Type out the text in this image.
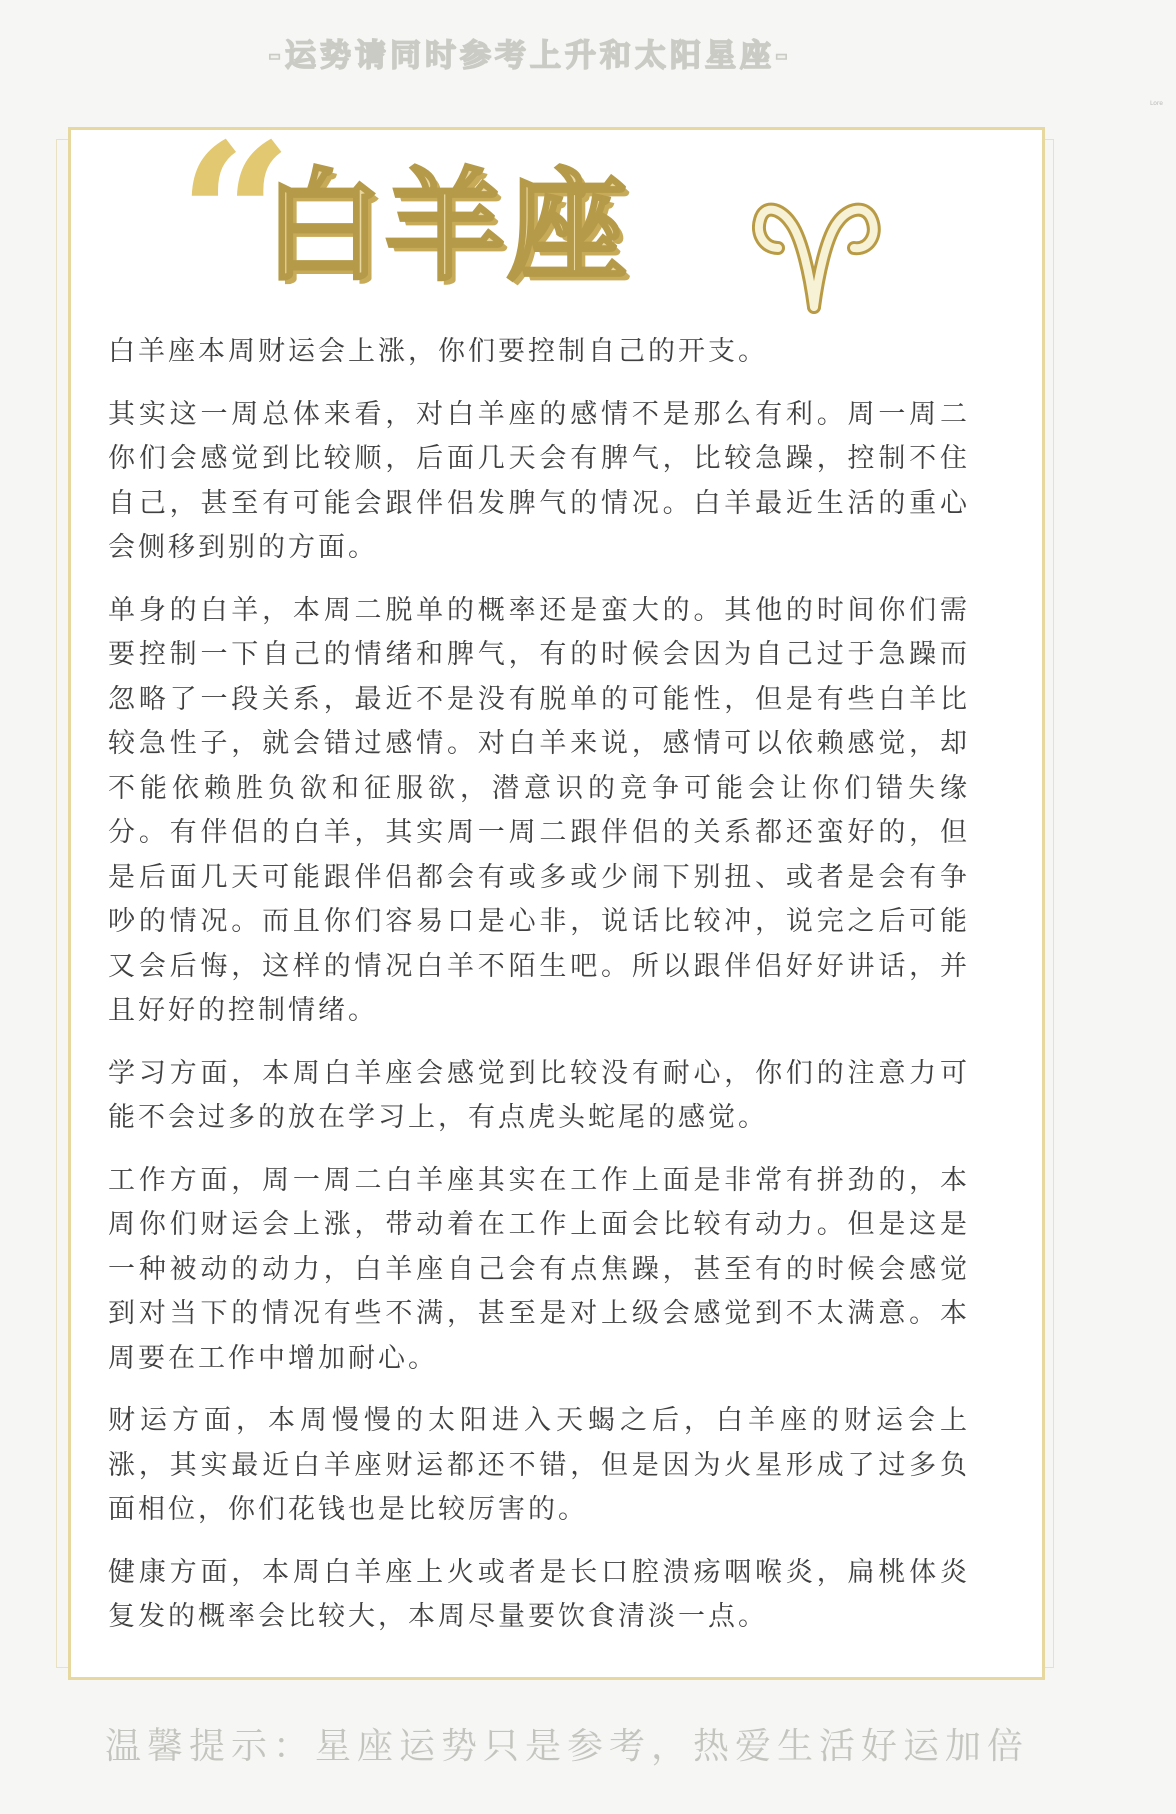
-运势请同时参考上升和太阳星座-
Lore
“
白羊座

白羊座本周财运会上涨，你们要控制自己的开支。

其实这一周总体来看，对白羊座的感情不是那么有利。周一周二你们会感觉到比较顺，后面几天会有脾气，比较急躁，控制不住自己，甚至有可能会跟伴侣发脾气的情况。白羊最近生活的重心会侧移到别的方面。

单身的白羊，本周二脱单的概率还是蛮大的。其他的时间你们需要控制一下自己的情绪和脾气，有的时候会因为自己过于急躁而忽略了一段关系，最近不是没有脱单的可能性，但是有些白羊比较急性子，就会错过感情。对白羊来说，感情可以依赖感觉，却不能依赖胜负欲和征服欲，潜意识的竞争可能会让你们错失缘分。有伴侣的白羊，其实周一周二跟伴侣的关系都还蛮好的，但是后面几天可能跟伴侣都会有或多或少闹下别扭、或者是会有争吵的情况。而且你们容易口是心非，说话比较冲，说完之后可能又会后悔，这样的情况白羊不陌生吧。所以跟伴侣好好讲话，并且好好的控制情绪。

学习方面，本周白羊座会感觉到比较没有耐心，你们的注意力可能不会过多的放在学习上，有点虎头蛇尾的感觉。

工作方面，周一周二白羊座其实在工作上面是非常有拼劲的，本周你们财运会上涨，带动着在工作上面会比较有动力。但是这是一种被动的动力，白羊座自己会有点焦躁，甚至有的时候会感觉到对当下的情况有些不满，甚至是对上级会感觉到不太满意。本周要在工作中增加耐心。

财运方面，本周慢慢的太阳进入天蝎之后，白羊座的财运会上涨，其实最近白羊座财运都还不错，但是因为火星形成了过多负面相位，你们花钱也是比较厉害的。

健康方面，本周白羊座上火或者是长口腔溃疡咽喉炎，扁桃体炎复发的概率会比较大，本周尽量要饮食清淡一点。

温馨提示：星座运势只是参考，热爱生活好运加倍
